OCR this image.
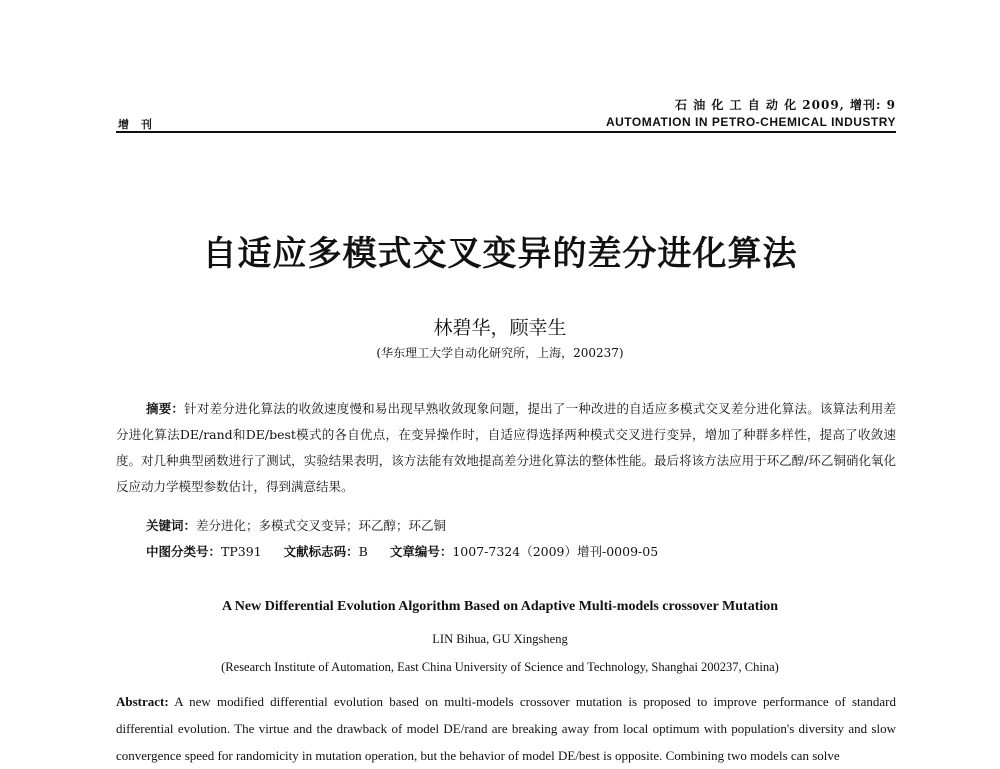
石 油 化 工 自 动 化 2009, 增刊: 9
增 刊	AUTOMATION IN PETRO-CHEMICAL INDUSTRY
自适应多模式交叉变异的差分进化算法
林碧华，顾幸生
(华东理工大学自动化研究所，上海，200237)
摘要：针对差分进化算法的收敛速度慢和易出现早熟收敛现象问题，提出了一种改进的自适应多模式交叉差分进化算法。该算法利用差分进化算法DE/rand和DE/best模式的各自优点，在变异操作时，自适应得选择两种模式交叉进行变异，增加了种群多样性，提高了收敛速度。对几种典型函数进行了测试，实验结果表明，该方法能有效地提高差分进化算法的整体性能。最后将该方法应用于环乙醇/环乙铜硝化氧化反应动力学模型参数估计，得到满意结果。
关键词：差分进化；多模式交叉变异；环乙醇；环乙铜
中图分类号：TP391 文献标志码：B 文章编号：1007-7324（2009）增刊-0009-05
A New Differential Evolution Algorithm Based on Adaptive Multi-models crossover Mutation
LIN Bihua, GU Xingsheng
(Research Institute of Automation, East China University of Science and Technology, Shanghai 200237, China)
Abstract: A new modified differential evolution based on multi-models crossover mutation is proposed to improve performance of standard differential evolution. The virtue and the drawback of model DE/rand are breaking away from local optimum with population's diversity and slow convergence speed for randomicity in mutation operation, but the behavior of model DE/best is opposite. Combining two models can solve
